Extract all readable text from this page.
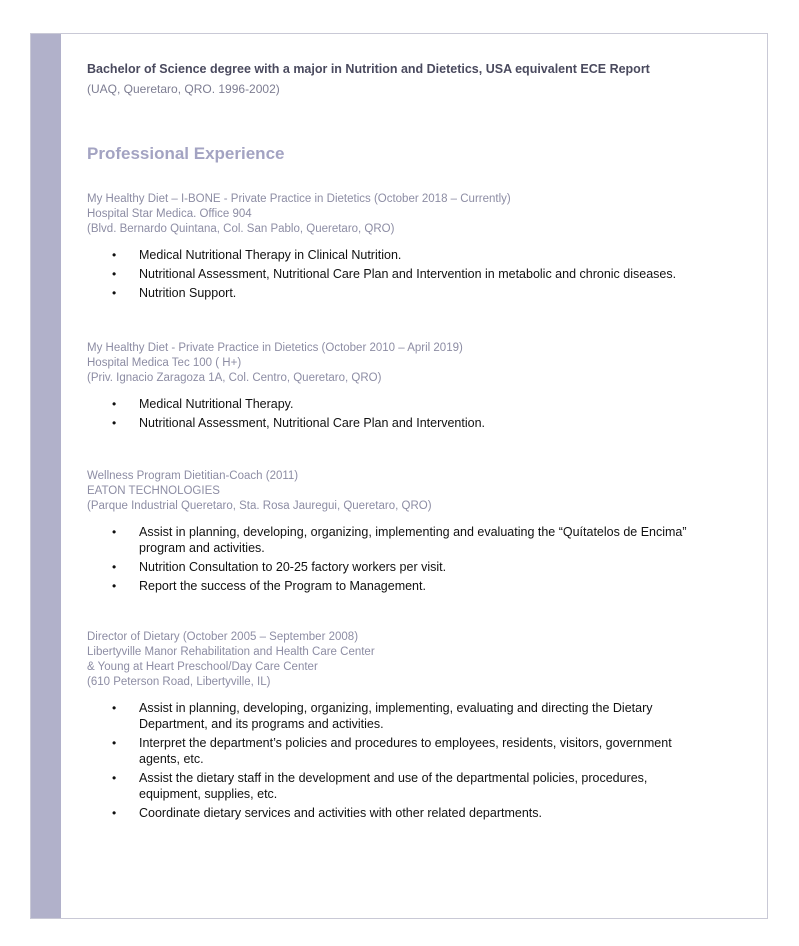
Bachelor of Science degree with a major in Nutrition and Dietetics, USA equivalent ECE Report

(UAQ, Queretaro, QRO. 1996-2002)

Professional Experience

My Healthy Diet – I-BONE - Private Practice in Dietetics (October 2018 – Currently)

Hospital Star Medica. Office 904

(Blvd. Bernardo Quintana, Col. San Pablo, Queretaro, QRO)

• Medical Nutritional Therapy in Clinical Nutrition.
• Nutritional Assessment, Nutritional Care Plan and Intervention in metabolic and chronic diseases.
• Nutrition Support.

My Healthy Diet - Private Practice in Dietetics (October 2010 – April 2019)

Hospital Medica Tec 100 ( H+)

(Priv. Ignacio Zaragoza 1A, Col. Centro, Queretaro, QRO)

• Medical Nutritional Therapy.
• Nutritional Assessment, Nutritional Care Plan and Intervention.

Wellness Program Dietitian-Coach (2011)

EATON TECHNOLOGIES

(Parque Industrial Queretaro, Sta. Rosa Jauregui, Queretaro, QRO)

• Assist in planning, developing, organizing, implementing and evaluating the “Quítatelos de Encima” program and activities.
• Nutrition Consultation to 20-25 factory workers per visit.
• Report the success of the Program to Management.

Director of Dietary (October 2005 – September 2008)

Libertyville Manor Rehabilitation and Health Care Center

& Young at Heart Preschool/Day Care Center

(610 Peterson Road, Libertyville, IL)

• Assist in planning, developing, organizing, implementing, evaluating and directing the Dietary Department, and its programs and activities.
• Interpret the department’s policies and procedures to employees, residents, visitors, government agents, etc.
• Assist the dietary staff in the development and use of the departmental policies, procedures, equipment, supplies, etc.
• Coordinate dietary services and activities with other related departments.
